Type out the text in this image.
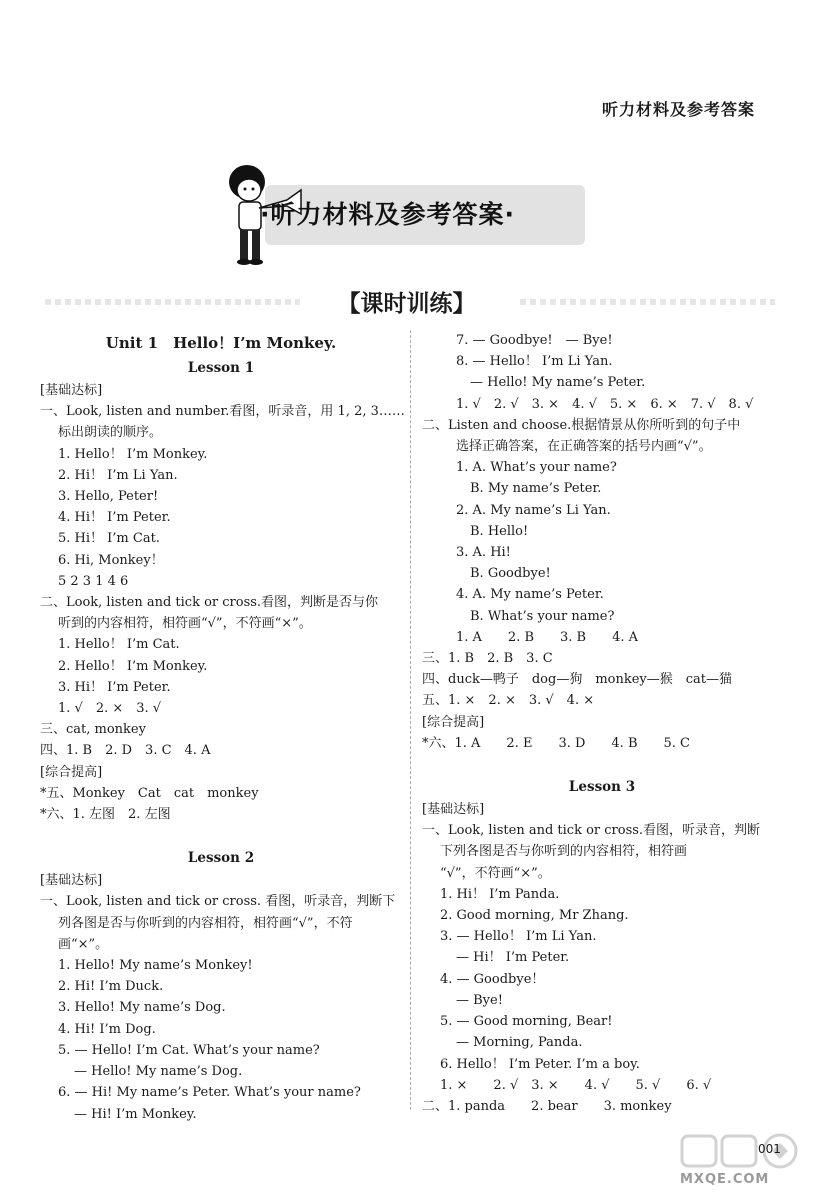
听力材料及参考答案
·听力材料及参考答案·
【课时训练】
Unit 1　Hello！I’m Monkey.
Lesson 1
[基础达标]
一、Look, listen and number.看图，听录音，用 1, 2, 3……
标出朗读的顺序。
1. Hello！ I’m Monkey.
2. Hi！ I’m Li Yan.
3. Hello, Peter!
4. Hi！ I’m Peter.
5. Hi！ I’m Cat.
6. Hi, Monkey！
5 2 3 1 4 6
二、Look, listen and tick or cross.看图，判断是否与你
听到的内容相符，相符画“√”，不符画“×”。
1. Hello！ I’m Cat.
2. Hello！ I’m Monkey.
3. Hi！ I’m Peter.
1. √　2. ×　3. √
三、cat, monkey
四、1. B　2. D　3. C　4. A
[综合提高]
*五、Monkey　Cat　cat　monkey
*六、1. 左图　2. 左图
Lesson 2
[基础达标]
一、Look, listen and tick or cross. 看图，听录音，判断下
列各图是否与你听到的内容相符，相符画“√”，不符
画“×”。
1. Hello! My name’s Monkey!
2. Hi! I’m Duck.
3. Hello! My name’s Dog.
4. Hi! I’m Dog.
5. — Hello! I’m Cat. What’s your name?
— Hello! My name’s Dog.
6. — Hi! My name’s Peter. What’s your name?
— Hi! I’m Monkey.
7. — Goodbye!　— Bye!
8. — Hello！ I’m Li Yan.
— Hello! My name’s Peter.
1. √　2. √　3. ×　4. √　5. ×　6. ×　7. √　8. √
二、Listen and choose.根据情景从你所听到的句子中
选择正确答案，在正确答案的括号内画“√”。
1. A. What’s your name?
B. My name’s Peter.
2. A. My name’s Li Yan.
B. Hello!
3. A. Hi!
B. Goodbye!
4. A. My name’s Peter.
B. What’s your name?
1. A　　2. B　　3. B　　4. A
三、1. B　2. B　3. C
四、duck—鸭子　dog—狗　monkey—猴　cat—猫
五、1. ×　2. ×　3. √　4. ×
[综合提高]
*六、1. A　　2. E　　3. D　　4. B　　5. C
Lesson 3
[基础达标]
一、Look, listen and tick or cross.看图，听录音，判断
下列各图是否与你听到的内容相符，相符画
“√”，不符画“×”。
1. Hi！ I’m Panda.
2. Good morning, Mr Zhang.
3. — Hello！ I’m Li Yan.
— Hi！ I’m Peter.
4. — Goodbye！
— Bye!
5. — Good morning, Bear!
— Morning, Panda.
6. Hello！ I’m Peter. I’m a boy.
1. ×　　2. √　3. ×　　4. √　　5. √　　6. √
二、1. panda　　2. bear　　3. monkey
001
MXQE.COM
